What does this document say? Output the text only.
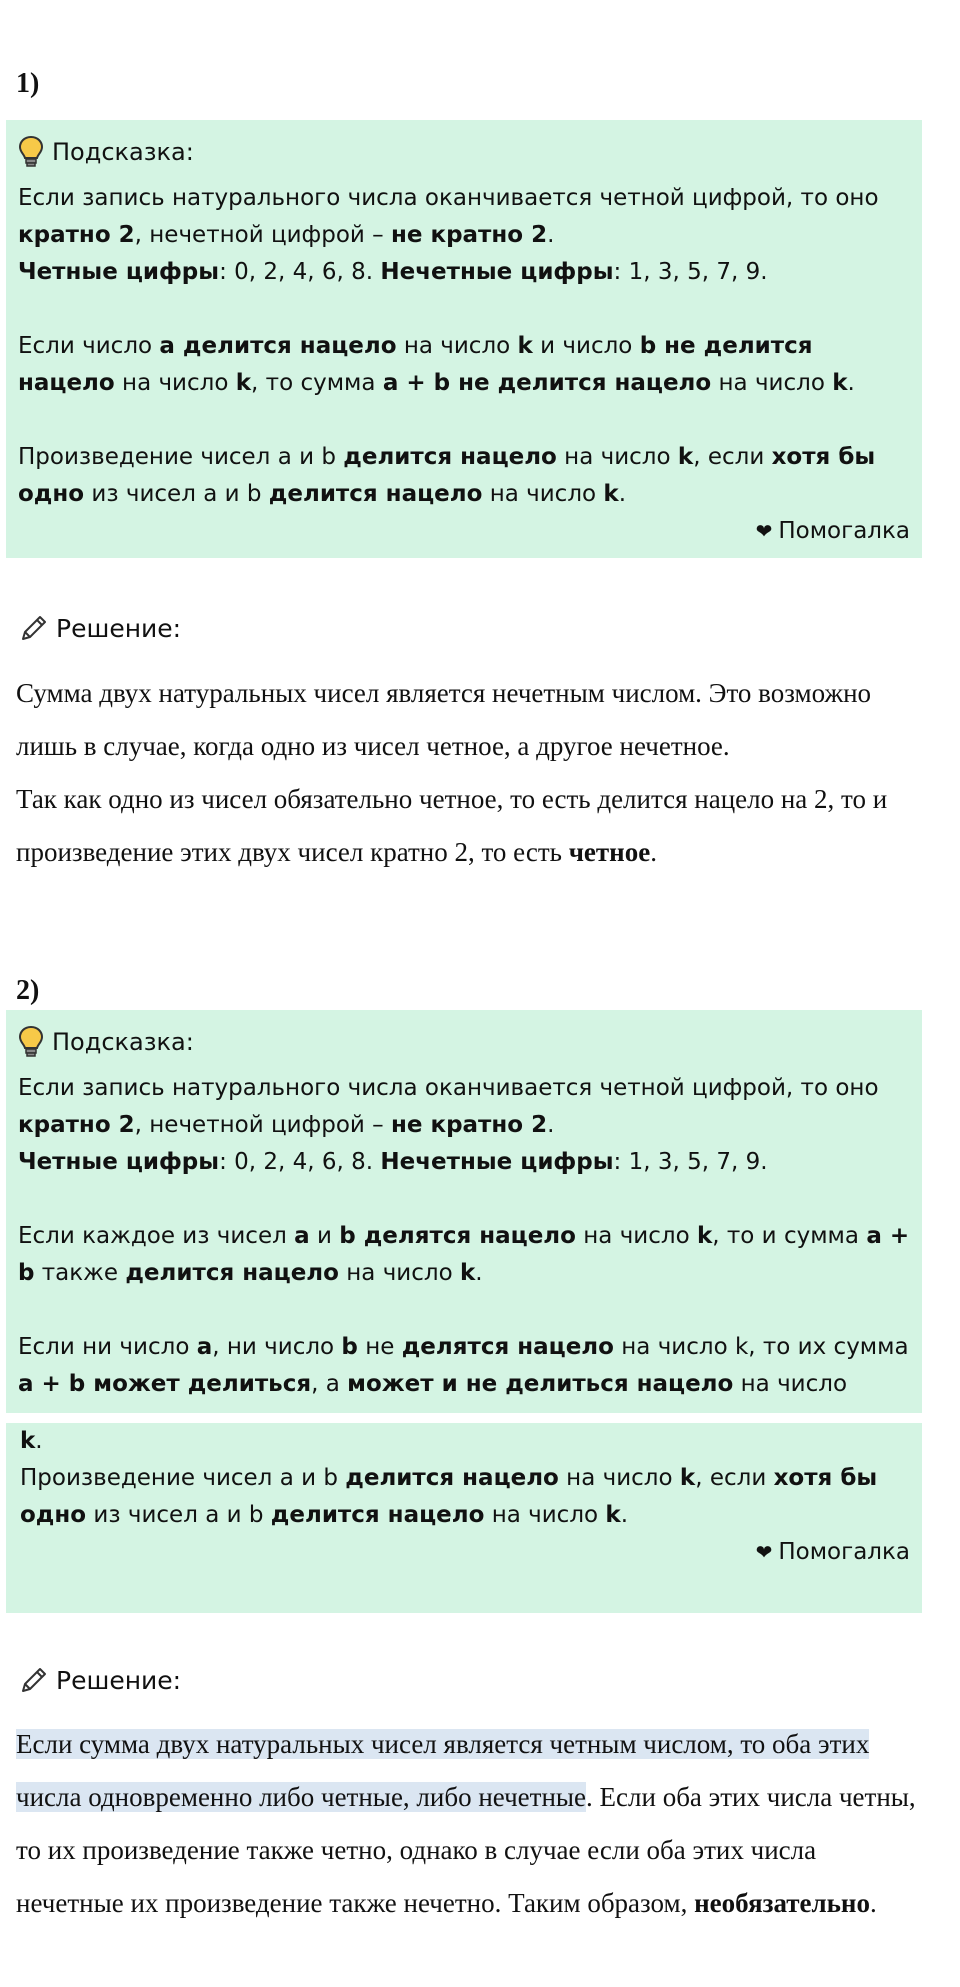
1)
Подсказка:

Если запись натурального числа оканчивается четной цифрой, то оно кратно 2, нечетной цифрой – не кратно 2.
Четные цифры: 0, 2, 4, 6, 8. Нечетные цифры: 1, 3, 5, 7, 9.

Если число a делится нацело на число k и число b не делится нацело на число k, то сумма a + b не делится нацело на число k.

Произведение чисел a и b делится нацело на число k, если хотя бы одно из чисел a и b делится нацело на число k.

❤ Помогалка
Решение:

Сумма двух натуральных чисел является нечетным числом. Это возможно лишь в случае, когда одно из чисел четное, а другое нечетное.

Так как одно из чисел обязательно четное, то есть делится нацело на 2, то и произведение этих двух чисел кратно 2, то есть четное.

2)
Подсказка:

Если запись натурального числа оканчивается четной цифрой, то оно кратно 2, нечетной цифрой – не кратно 2.
Четные цифры: 0, 2, 4, 6, 8. Нечетные цифры: 1, 3, 5, 7, 9.

Если каждое из чисел a и b делятся нацело на число k, то и сумма a + b также делится нацело на число k.

Если ни число a, ни число b не делятся нацело на число k, то их сумма a + b может делиться, а может и не делиться нацело на число

k.

Произведение чисел a и b делится нацело на число k, если хотя бы одно из чисел a и b делится нацело на число k.

❤ Помогалка
Решение:

Если сумма двух натуральных чисел является четным числом, то оба этих числа одновременно либо четные, либо нечетные. Если оба этих числа четны, то их произведение также четно, однако в случае если оба этих числа нечетные их произведение также нечетно. Таким образом, необязательно.
